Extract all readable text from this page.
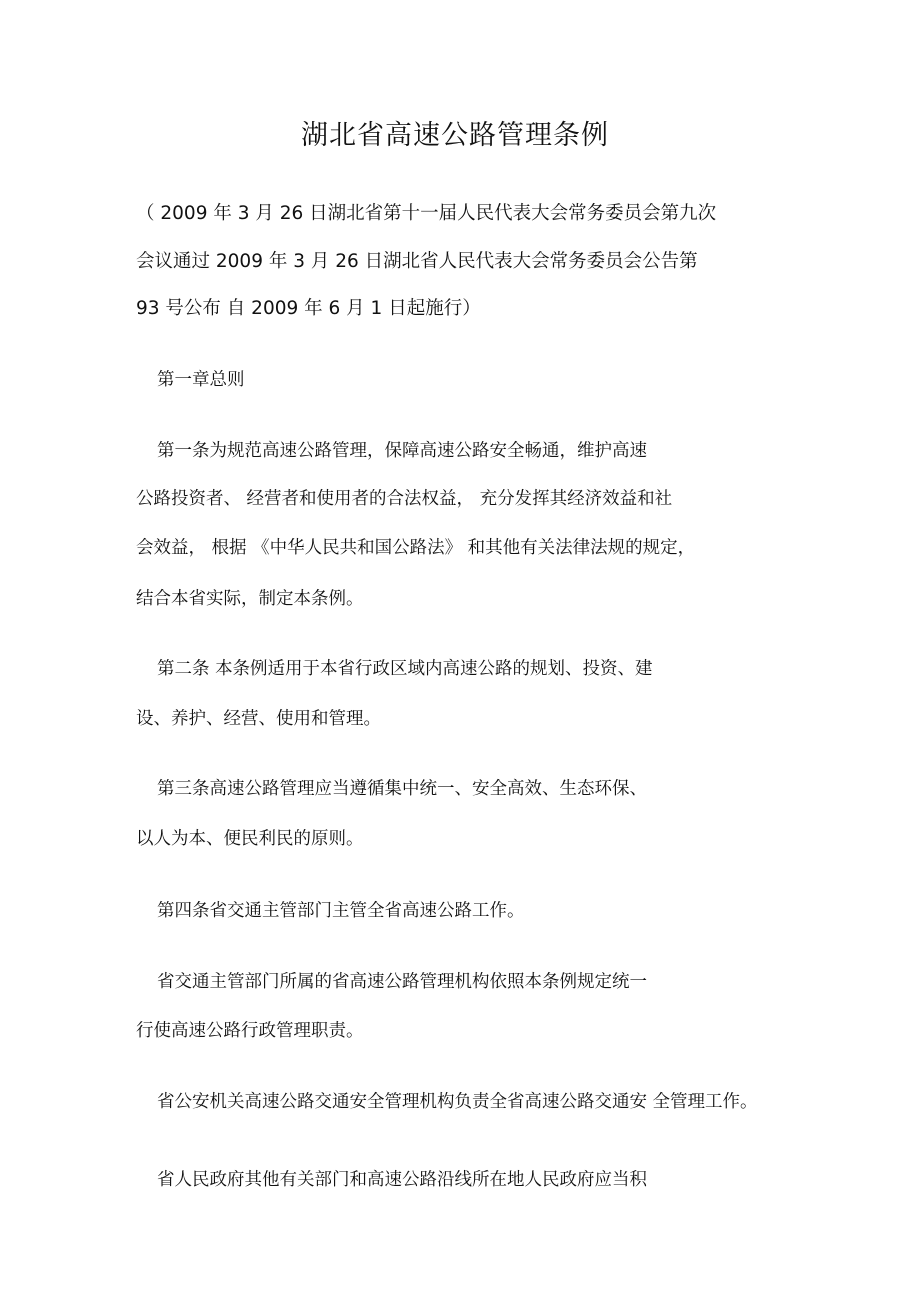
湖北省高速公路管理条例
（ 2009 年 3 月 26 日湖北省第十一届人民代表大会常务委员会第九次
会议通过 2009 年 3 月 26 日湖北省人民代表大会常务委员会公告第
93 号公布 自 2009 年 6 月 1 日起施行）
第一章总则
第一条为规范高速公路管理，保障高速公路安全畅通，维护高速
公路投资者、 经营者和使用者的合法权益， 充分发挥其经济效益和社
会效益， 根据 《中华人民共和国公路法》 和其他有关法律法规的规定，
结合本省实际，制定本条例。
第二条 本条例适用于本省行政区域内高速公路的规划、投资、建
设、养护、经营、使用和管理。
第三条高速公路管理应当遵循集中统一、安全高效、生态环保、
以人为本、便民利民的原则。
第四条省交通主管部门主管全省高速公路工作。
省交通主管部门所属的省高速公路管理机构依照本条例规定统一
行使高速公路行政管理职责。
省公安机关高速公路交通安全管理机构负责全省高速公路交通安 全管理工作。
省人民政府其他有关部门和高速公路沿线所在地人民政府应当积
